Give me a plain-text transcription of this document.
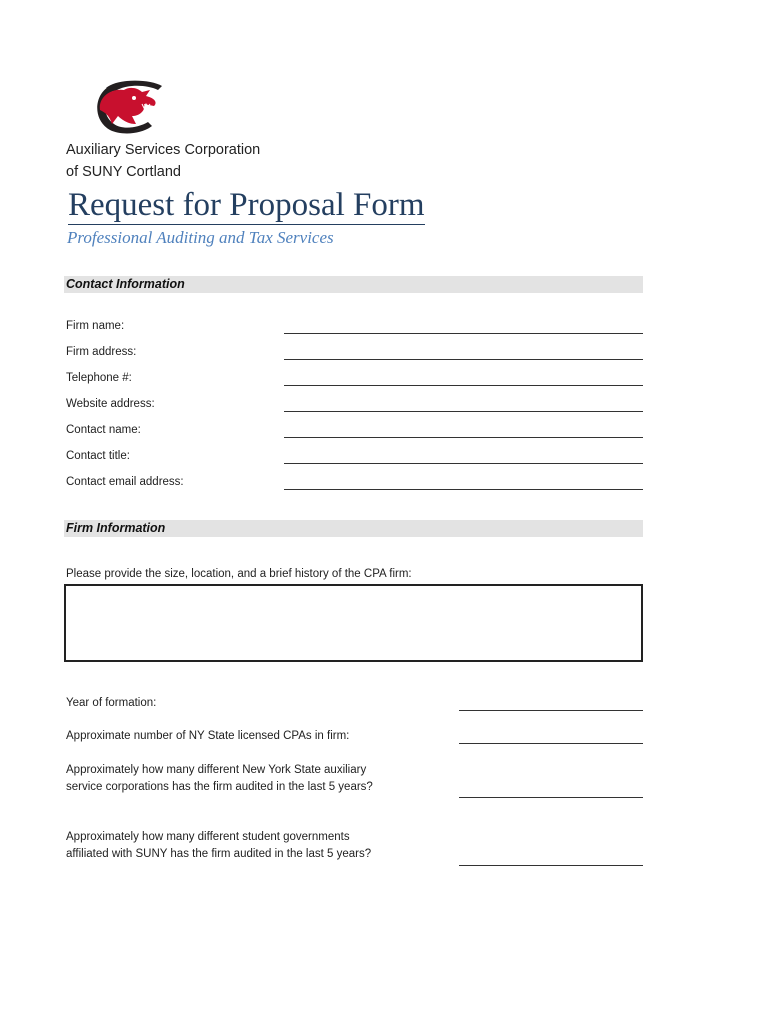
Auxiliary Services Corporation
of SUNY Cortland
Request for Proposal Form
Professional Auditing and Tax Services
Contact Information
Firm name:
Firm address:
Telephone #:
Website address:
Contact name:
Contact title:
Contact email address:
Firm Information
Please provide the size, location, and a brief history of the CPA firm:
Year of formation:
Approximate number of NY State licensed CPAs in firm:
Approximately how many different New York State auxiliary
service corporations has the firm audited in the last 5 years?
Approximately how many different student governments
affiliated with SUNY has the firm audited in the last 5 years?
